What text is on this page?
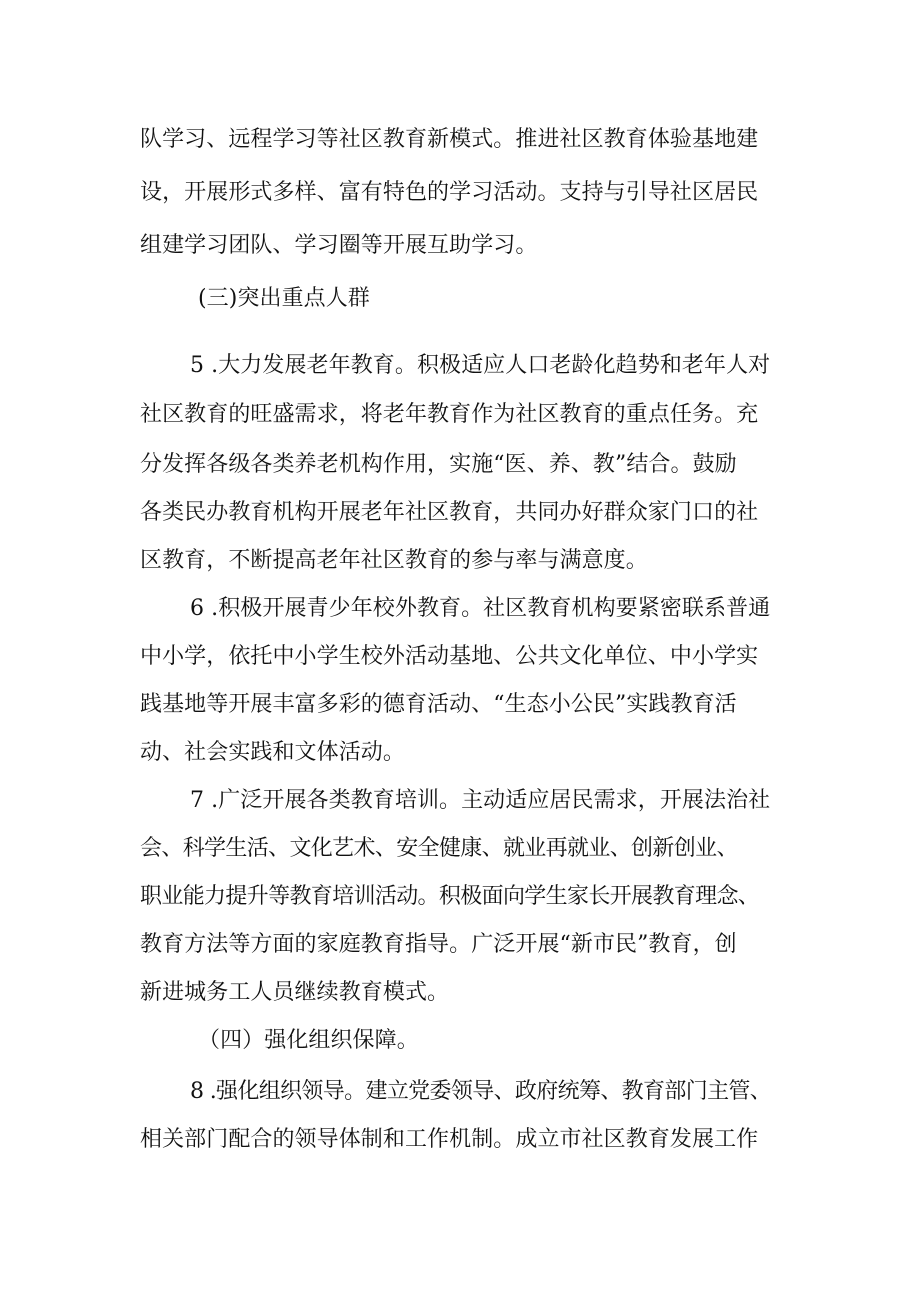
队学习、远程学习等社区教育新模式。推进社区教育体验基地建
设，开展形式多样、富有特色的学习活动。支持与引导社区居民
组建学习团队、学习圈等开展互助学习。
(三)突出重点人群
5 .大力发展老年教育。积极适应人口老龄化趋势和老年人对
社区教育的旺盛需求，将老年教育作为社区教育的重点任务。充
分发挥各级各类养老机构作用，实施“医、养、教”结合。鼓励
各类民办教育机构开展老年社区教育，共同办好群众家门口的社
区教育，不断提高老年社区教育的参与率与满意度。
6 .积极开展青少年校外教育。社区教育机构要紧密联系普通
中小学，依托中小学生校外活动基地、公共文化单位、中小学实
践基地等开展丰富多彩的德育活动、“生态小公民”实践教育活
动、社会实践和文体活动。
7 .广泛开展各类教育培训。主动适应居民需求，开展法治社
会、科学生活、文化艺术、安全健康、就业再就业、创新创业、
职业能力提升等教育培训活动。积极面向学生家长开展教育理念、
教育方法等方面的家庭教育指导。广泛开展“新市民”教育，创
新进城务工人员继续教育模式。
（四）强化组织保障。
8 .强化组织领导。建立党委领导、政府统筹、教育部门主管、
相关部门配合的领导体制和工作机制。成立市社区教育发展工作
